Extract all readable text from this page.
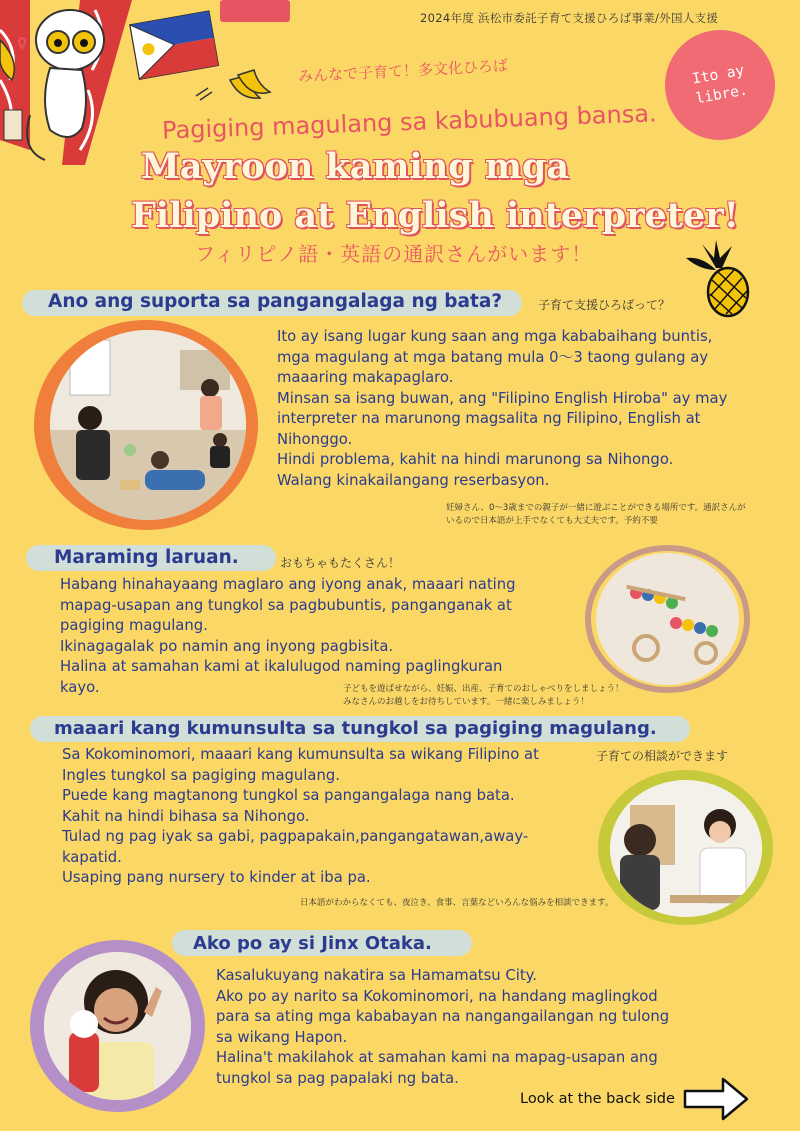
2024年度 浜松市委託子育て支援ひろば事業/外国人支援
Ito ay
libre.
みんなで子育て！多文化ひろば
Pagiging magulang sa kabubuang bansa.
Mayroon kaming mga
Filipino at English interpreter!
フィリピノ語・英語の通訳さんがいます！
Ano ang suporta sa pangangalaga ng bata?	子育て支援ひろばって？

Ito ay isang lugar kung saan ang mga kababaihang buntis,

mga magulang at mga batang mula 0〜3 taong gulang ay

maaaring makapaglaro.

Minsan sa isang buwan, ang "Filipino English Hiroba" ay may

interpreter na marunong magsalita ng Filipino, English at

Nihonggo.

Hindi problema, kahit na hindi marunong sa Nihongo.

Walang kinakailangang reserbasyon.

妊婦さん、0〜3歳までの親子が一緒に遊ぶことができる場所です。通訳さんが
いるので日本語が上手でなくても大丈夫です。予約不要
Maraming laruan.	おもちゃもたくさん！

Habang hinahayaang maglaro ang iyong anak, maaari nating

mapag-usapan ang tungkol sa pagbubuntis, panganganak at

pagiging magulang.

Ikinagagalak po namin ang inyong pagbisita.

Halina at samahan kami at ikalulugod naming paglingkuran

kayo.	子どもを遊ばせながら、妊娠、出産、子育てのおしゃべりをしましょう！
みなさんのお越しをお待ちしています。一緒に楽しみましょう！
maaari kang kumunsulta sa tungkol sa pagiging magulang.
子育ての相談ができます

Sa Kokominomori, maaari kang kumunsulta sa wikang Filipino at

Ingles tungkol sa pagiging magulang.

Puede kang magtanong tungkol sa pangangalaga nang bata.

Kahit na hindi bihasa sa Nihongo.

Tulad ng pag iyak sa gabi, pagpapakain,pangangatawan,away-

kapatid.

Usaping pang nursery to kinder at iba pa.

日本語がわからなくても、夜泣き、食事、言葉などいろんな悩みを相談できます。
Ako po ay si Jinx Otaka.

Kasalukuyang nakatira sa Hamamatsu City.

Ako po ay narito sa Kokominomori, na handang maglingkod

para sa ating mga kababayan na nangangailangan ng tulong

sa wikang Hapon.

Halina't makilahok at samahan kami na mapag-usapan ang

tungkol sa pag papalaki ng bata.

Look at the back side
